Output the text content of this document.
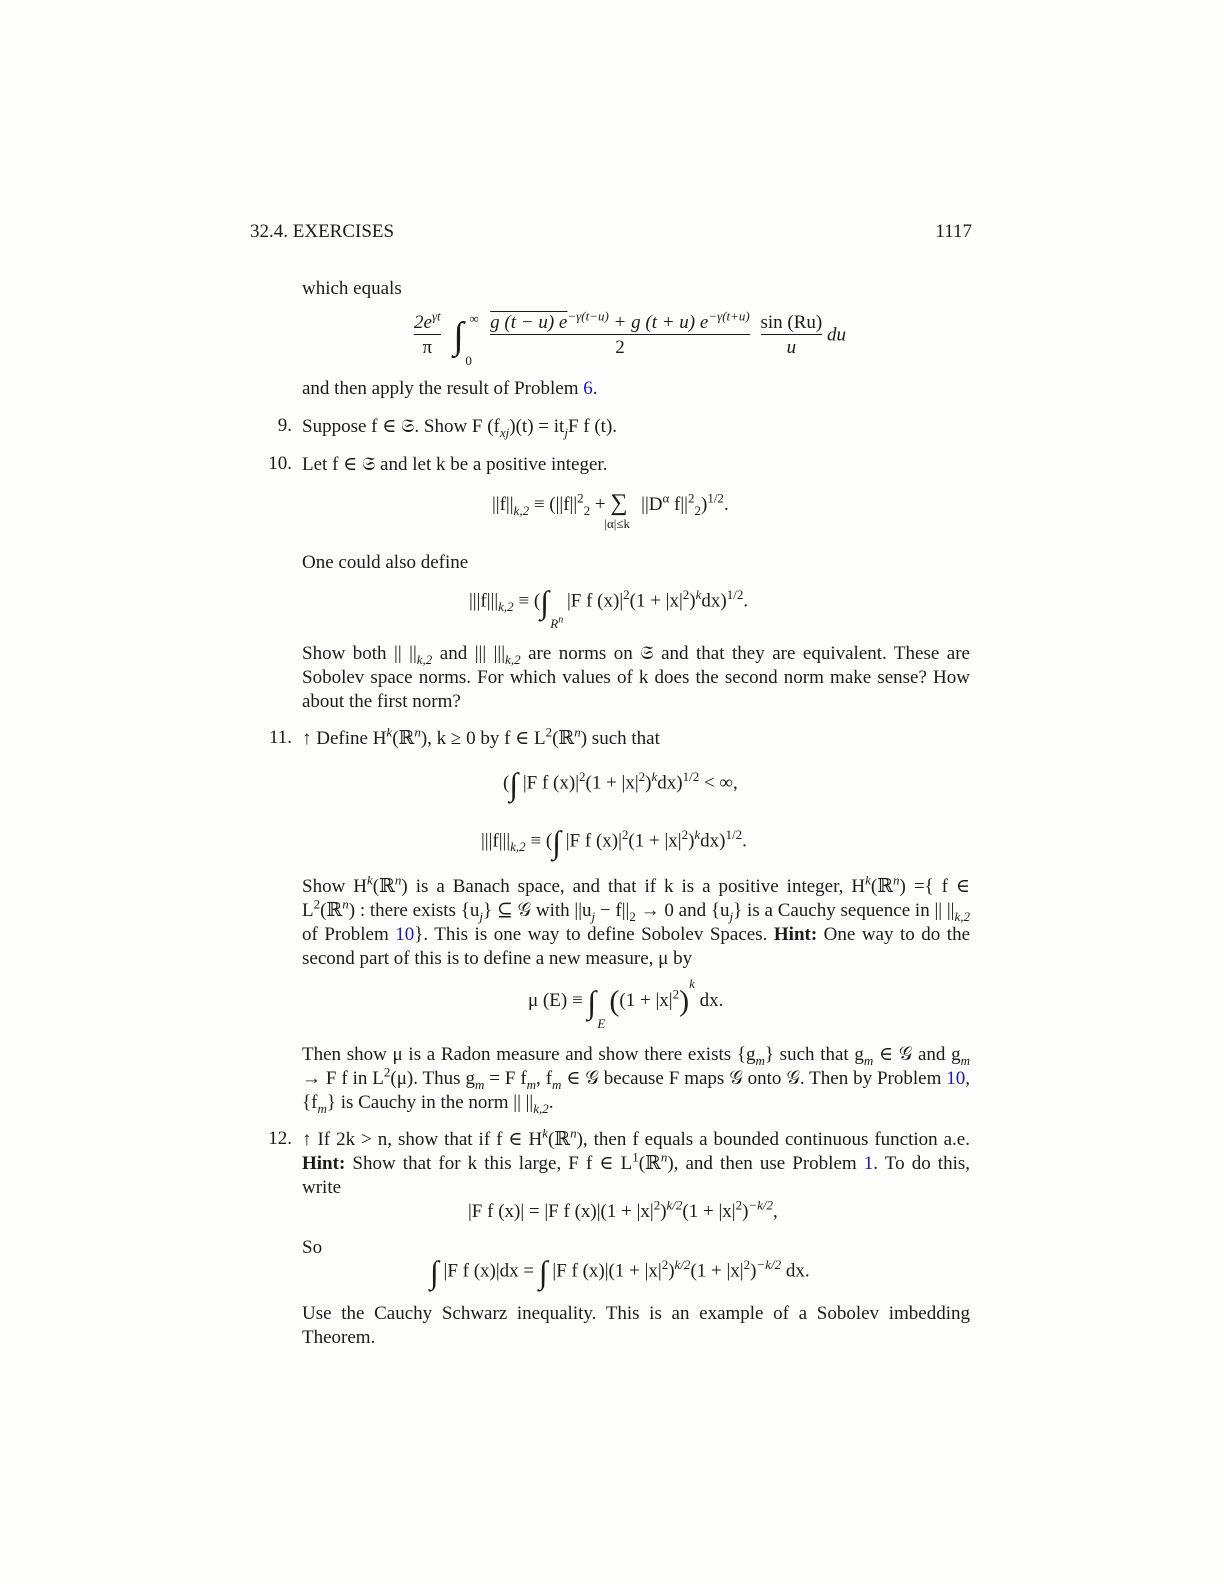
32.4. EXERCISES	1117
which equals
$\frac{2e^{\gamma t}}{\pi}$ ∫ ∞
0

$\frac{g (t - u) e^{-\gamma(t-u)} + g (t + u) e^{-\gamma(t+u)}}{2}$
$\frac{\sin (Ru)}{u}$ du
and then apply the result of Problem 6.
9. Suppose f ∈ 𝔖. Show F $(f_{xj})(t) = it_jF$ f (t).
10. Let f ∈ 𝔖 and let k be a positive integer.
$||f||_{k,2} \equiv (||f||^2_2$ + ∑
|α|≤k
$||D^\alpha$ $f||^2_2)^{1/2}$.
One could also define
$|||f|||_{k,2}$ ≡ (∫
$R^n$
|F f $(x)|^2(1 + |x|^2)^kdx)^{1/2}$.
Show both || $||_{k,2}$ and ||| $|||_{k,2}$ are norms on 𝔖 and that they are equivalent. These are Sobolev space norms. For which values of k does the second norm make sense? How about the first norm?
11. ↑ Define $H^k(ℝ^n)$, k ≥ 0 by f ∈ $L^2(ℝ^n)$ such that
(∫ |F f $(x)|^2(1 + |x|^2)^kdx)^{1/2}$ < ∞,
$|||f|||_{k,2}$ ≡ (∫ |F f $(x)|^2(1 + |x|^2)^kdx)^{1/2}$.
Show $H^k(ℝ^n)$ is a Banach space, and that if k is a positive integer, $H^k(ℝ^n)$ ={ f ∈ $L^2(ℝ^n)$ : there exists $\{u_j\}$ ⊆ 𝒢 with $||u_j - f||_2 \to 0$ and $\{u_j\}$ is a Cauchy sequence in || $||_{k,2}$ of Problem 10}. This is one way to define Sobolev Spaces. Hint: One way to do the second part of this is to define a new measure, μ by
μ (E) ≡ ∫
E
($(1 + |x|^2)^k$ dx.
Then show μ is a Radon measure and show there exists $\{g_m\}$ such that $g_m$ ∈ 𝒢 and $g_m \to F$ f in $L^2(\mu)$. Thus $g_m = F$ $f_m$, $f_m$ ∈ 𝒢 because F maps 𝒢 onto 𝒢. Then by Problem 10, $\{f_m\}$ is Cauchy in the norm || $||_{k,2}$.
12. ↑ If 2k > n, show that if f ∈ $H^k(ℝ^n)$, then f equals a bounded continuous function a.e. Hint: Show that for k this large, F f ∈ $L^1(ℝ^n)$, and then use Problem 1. To do this, write
|F f (x)| = |F f $(x)|(1 + |x|^2)^{k/2}(1 + |x|^2)^{-k/2}$,
So
∫ |F f (x)|dx = ∫ |F f $(x)|(1 + |x|^2)^{k/2}(1 + |x|^2)^{-k/2}$ dx.
Use the Cauchy Schwarz inequality. This is an example of a Sobolev imbedding Theorem.
